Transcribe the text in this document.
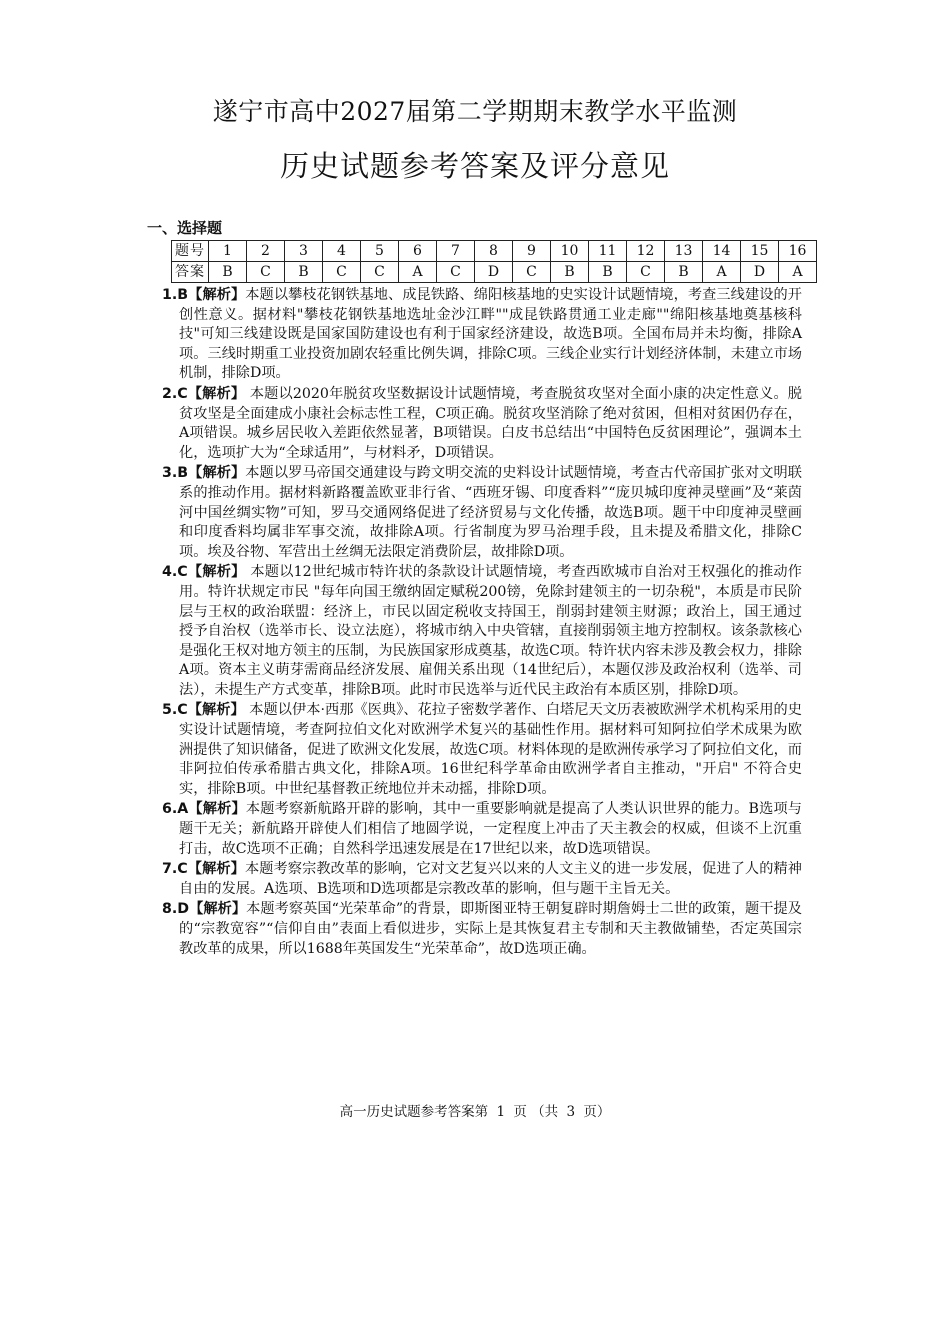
遂宁市高中2027届第二学期期末教学水平监测
历史试题参考答案及评分意见
一、选择题
题号	1	2	3	4	5	6	7	8	9	10	11	12	13	14	15	16
答案	B	C	B	C	C	A	C	D	C	B	B	C	B	A	D	A

1.B【解析】本题以攀枝花钢铁基地、成昆铁路、绵阳核基地的史实设计试题情境，考查三线建设的开创性意义。据材料"攀枝花钢铁基地选址金沙江畔""成昆铁路贯通工业走廊""绵阳核基地奠基核科技"可知三线建设既是国家国防建设也有利于国家经济建设，故选B项。全国布局并未均衡，排除A项。三线时期重工业投资加剧农轻重比例失调，排除C项。三线企业实行计划经济体制，未建立市场机制，排除D项。

2.C【解析】 本题以2020年脱贫攻坚数据设计试题情境，考查脱贫攻坚对全面小康的决定性意义。脱贫攻坚是全面建成小康社会标志性工程，C项正确。脱贫攻坚消除了绝对贫困，但相对贫困仍存在，A项错误。城乡居民收入差距依然显著，B项错误。白皮书总结出“中国特色反贫困理论”，强调本土化，选项扩大为“全球适用”，与材料矛，D项错误。

3.B【解析】本题以罗马帝国交通建设与跨文明交流的史料设计试题情境，考查古代帝国扩张对文明联系的推动作用。据材料新路覆盖欧亚非行省、“西班牙锡、印度香料”“庞贝城印度神灵壁画”及“莱茵河中国丝绸实物”可知，罗马交通网络促进了经济贸易与文化传播，故选B项。题干中印度神灵壁画和印度香料均属非军事交流，故排除A项。行省制度为罗马治理手段，且未提及希腊文化，排除C项。埃及谷物、军营出土丝绸无法限定消费阶层，故排除D项。

4.C【解析】 本题以12世纪城市特许状的条款设计试题情境，考查西欧城市自治对王权强化的推动作用。特许状规定市民 "每年向国王缴纳固定赋税200镑，免除封建领主的一切杂税"，本质是市民阶层与王权的政治联盟：经济上，市民以固定税收支持国王，削弱封建领主财源；政治上，国王通过授予自治权（选举市长、设立法庭），将城市纳入中央管辖，直接削弱领主地方控制权。该条款核心是强化王权对地方领主的压制，为民族国家形成奠基，故选C项。特许状内容未涉及教会权力，排除A项。资本主义萌芽需商品经济发展、雇佣关系出现（14世纪后），本题仅涉及政治权利（选举、司法），未提生产方式变革，排除B项。此时市民选举与近代民主政治有本质区别，排除D项。

5.C【解析】 本题以伊本·西那《医典》、花拉子密数学著作、白塔尼天文历表被欧洲学术机构采用的史实设计试题情境，考查阿拉伯文化对欧洲学术复兴的基础性作用。据材料可知阿拉伯学术成果为欧洲提供了知识储备，促进了欧洲文化发展，故选C项。材料体现的是欧洲传承学习了阿拉伯文化，而非阿拉伯传承希腊古典文化，排除A项。16世纪科学革命由欧洲学者自主推动，"开启" 不符合史实，排除B项。中世纪基督教正统地位并未动摇，排除D项。

6.A【解析】本题考察新航路开辟的影响，其中一重要影响就是提高了人类认识世界的能力。B选项与题干无关；新航路开辟使人们相信了地圆学说，一定程度上冲击了天主教会的权威，但谈不上沉重打击，故C选项不正确；自然科学迅速发展是在17世纪以来，故D选项错误。

7.C【解析】本题考察宗教改革的影响，它对文艺复兴以来的人文主义的进一步发展，促进了人的精神自由的发展。A选项、B选项和D选项都是宗教改革的影响，但与题干主旨无关。

8.D【解析】本题考察英国“光荣革命”的背景，即斯图亚特王朝复辟时期詹姆士二世的政策，题干提及的“宗教宽容”“信仰自由”表面上看似进步，实际上是其恢复君主专制和天主教做铺垫，否定英国宗教改革的成果，所以1688年英国发生“光荣革命”，故D选项正确。

高一历史试题参考答案第 1 页 （共 3 页）
